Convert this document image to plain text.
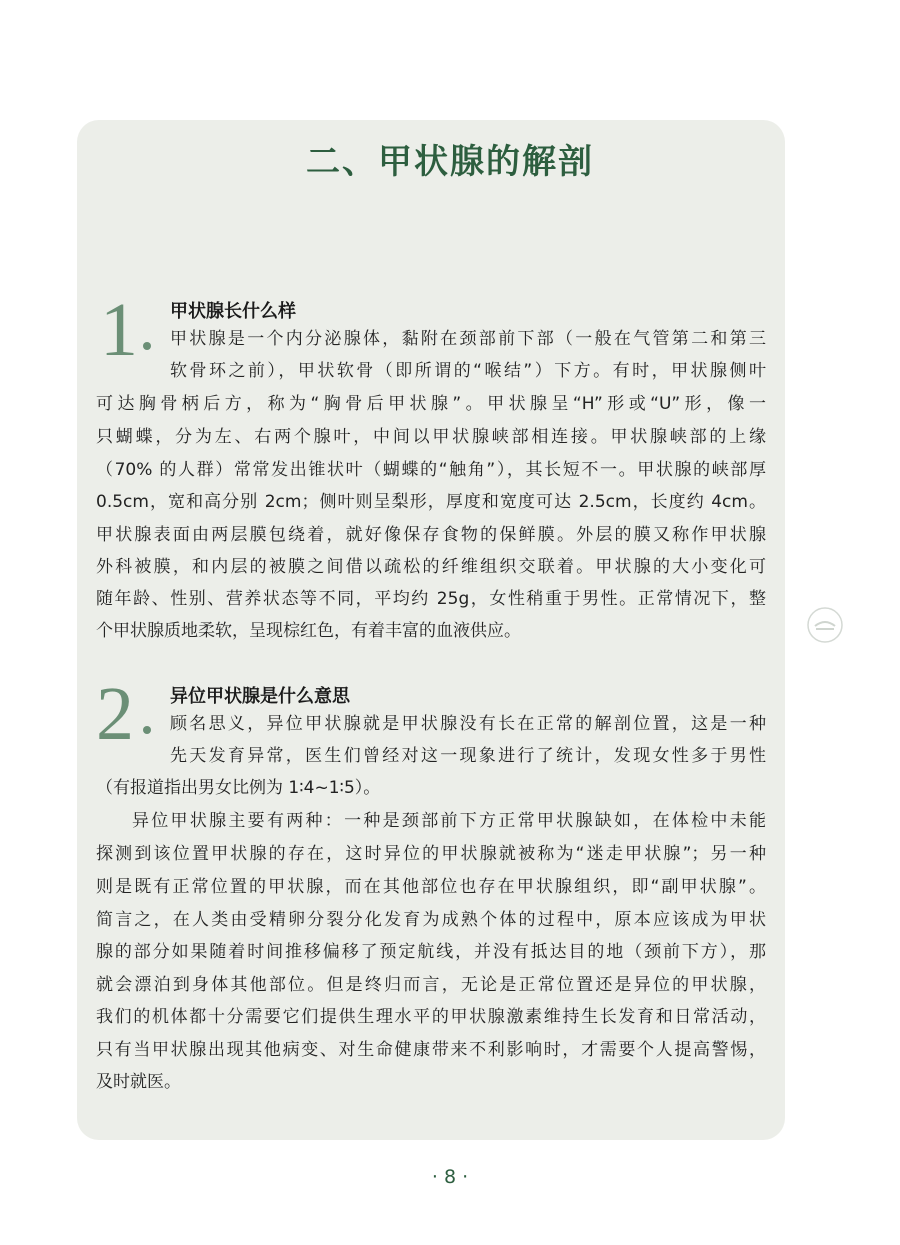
二、甲状腺的解剖
1 甲状腺长什么样
甲状腺是一个内分泌腺体，黏附在颈部前下部（一般在气管第二和第三
软骨环之前），甲状软骨（即所谓的“喉结”）下方。有时，甲状腺侧叶
可达胸骨柄后方，称为“胸骨后甲状腺”。甲状腺呈“H”形或“U”形，像一
只蝴蝶，分为左、右两个腺叶，中间以甲状腺峡部相连接。甲状腺峡部的上缘
（70% 的人群）常常发出锥状叶（蝴蝶的“触角”），其长短不一。甲状腺的峡部厚
0.5cm，宽和高分别 2cm；侧叶则呈梨形，厚度和宽度可达 2.5cm，长度约 4cm。
甲状腺表面由两层膜包绕着，就好像保存食物的保鲜膜。外层的膜又称作甲状腺
外科被膜，和内层的被膜之间借以疏松的纤维组织交联着。甲状腺的大小变化可
随年龄、性别、营养状态等不同，平均约 25g，女性稍重于男性。正常情况下，整
个甲状腺质地柔软，呈现棕红色，有着丰富的血液供应。
2 异位甲状腺是什么意思
顾名思义，异位甲状腺就是甲状腺没有长在正常的解剖位置，这是一种
先天发育异常，医生们曾经对这一现象进行了统计，发现女性多于男性
（有报道指出男女比例为 1∶4~1∶5）。
异位甲状腺主要有两种：一种是颈部前下方正常甲状腺缺如，在体检中未能
探测到该位置甲状腺的存在，这时异位的甲状腺就被称为“迷走甲状腺”；另一种
则是既有正常位置的甲状腺，而在其他部位也存在甲状腺组织，即“副甲状腺”。
简言之，在人类由受精卵分裂分化发育为成熟个体的过程中，原本应该成为甲状
腺的部分如果随着时间推移偏移了预定航线，并没有抵达目的地（颈前下方），那
就会漂泊到身体其他部位。但是终归而言，无论是正常位置还是异位的甲状腺，
我们的机体都十分需要它们提供生理水平的甲状腺激素维持生长发育和日常活动，
只有当甲状腺出现其他病变、对生命健康带来不利影响时，才需要个人提高警惕，
及时就医。
· 8 ·
